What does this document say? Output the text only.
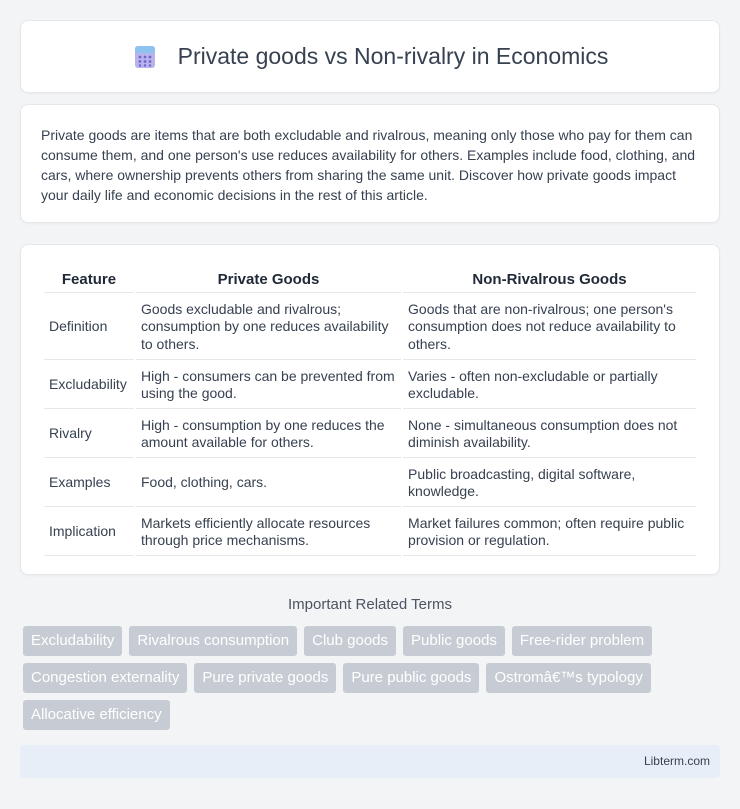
Private goods vs Non-rivalry in Economics

Private goods are items that are both excludable and rivalrous, meaning only those who pay for them can consume them, and one person's use reduces availability for others. Examples include food, clothing, and cars, where ownership prevents others from sharing the same unit. Discover how private goods impact your daily life and economic decisions in the rest of this article.

Feature	Private Goods	Non-Rivalrous Goods
Definition	Goods excludable and rivalrous; consumption by one reduces availability to others.	Goods that are non-rivalrous; one person's consumption does not reduce availability to others.
Excludability	High - consumers can be prevented from using the good.	Varies - often non-excludable or partially excludable.
Rivalry	High - consumption by one reduces the amount available for others.	None - simultaneous consumption does not diminish availability.
Examples	Food, clothing, cars.	Public broadcasting, digital software, knowledge.
Implication	Markets efficiently allocate resources through price mechanisms.	Market failures common; often require public provision or regulation.
Important Related Terms
Excludability	Rivalrous consumption	Club goods	Public goods	Free-rider problem
Congestion externality	Pure private goods	Pure public goods	Ostromâ€™s typology
Allocative efficiency
Libterm.com
